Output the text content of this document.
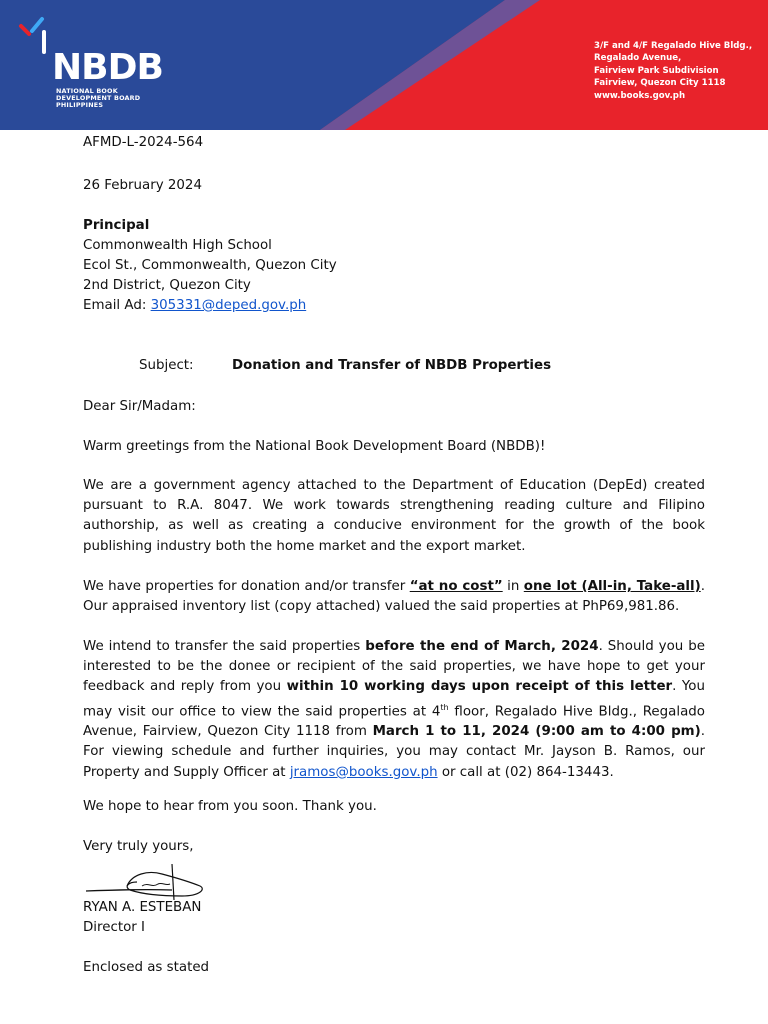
NBDB
NATIONAL BOOK
DEVELOPMENT BOARD
PHILIPPINES
3/F and 4/F Regalado Hive Bldg.,
Regalado Avenue,
Fairview Park Subdivision
Fairview, Quezon City 1118
www.books.gov.ph
AFMD-L-2024-564
26 February 2024
Principal
Commonwealth High School
Ecol St., Commonwealth, Quezon City
2nd District, Quezon City
Email Ad: 305331@deped.gov.ph
Subject:	Donation and Transfer of NBDB Properties
Dear Sir/Madam:
Warm greetings from the National Book Development Board (NBDB)!
We are a government agency attached to the Department of Education (DepEd) created pursuant to R.A. 8047. We work towards strengthening reading culture and Filipino authorship, as well as creating a conducive environment for the growth of the book publishing industry both the home market and the export market.
We have properties for donation and/or transfer “at no cost” in one lot (All-in, Take-all). Our appraised inventory list (copy attached) valued the said properties at PhP69,981.86.
We intend to transfer the said properties before the end of March, 2024. Should you be interested to be the donee or recipient of the said properties, we have hope to get your feedback and reply from you within 10 working days upon receipt of this letter. You may visit our office to view the said properties at 4th floor, Regalado Hive Bldg., Regalado Avenue, Fairview, Quezon City 1118 from March 1 to 11, 2024 (9:00 am to 4:00 pm). For viewing schedule and further inquiries, you may contact Mr. Jayson B. Ramos, our Property and Supply Officer at jramos@books.gov.ph or call at (02) 864-13443.
We hope to hear from you soon. Thank you.
Very truly yours,
RYAN A. ESTEBAN
Director I
Enclosed as stated
